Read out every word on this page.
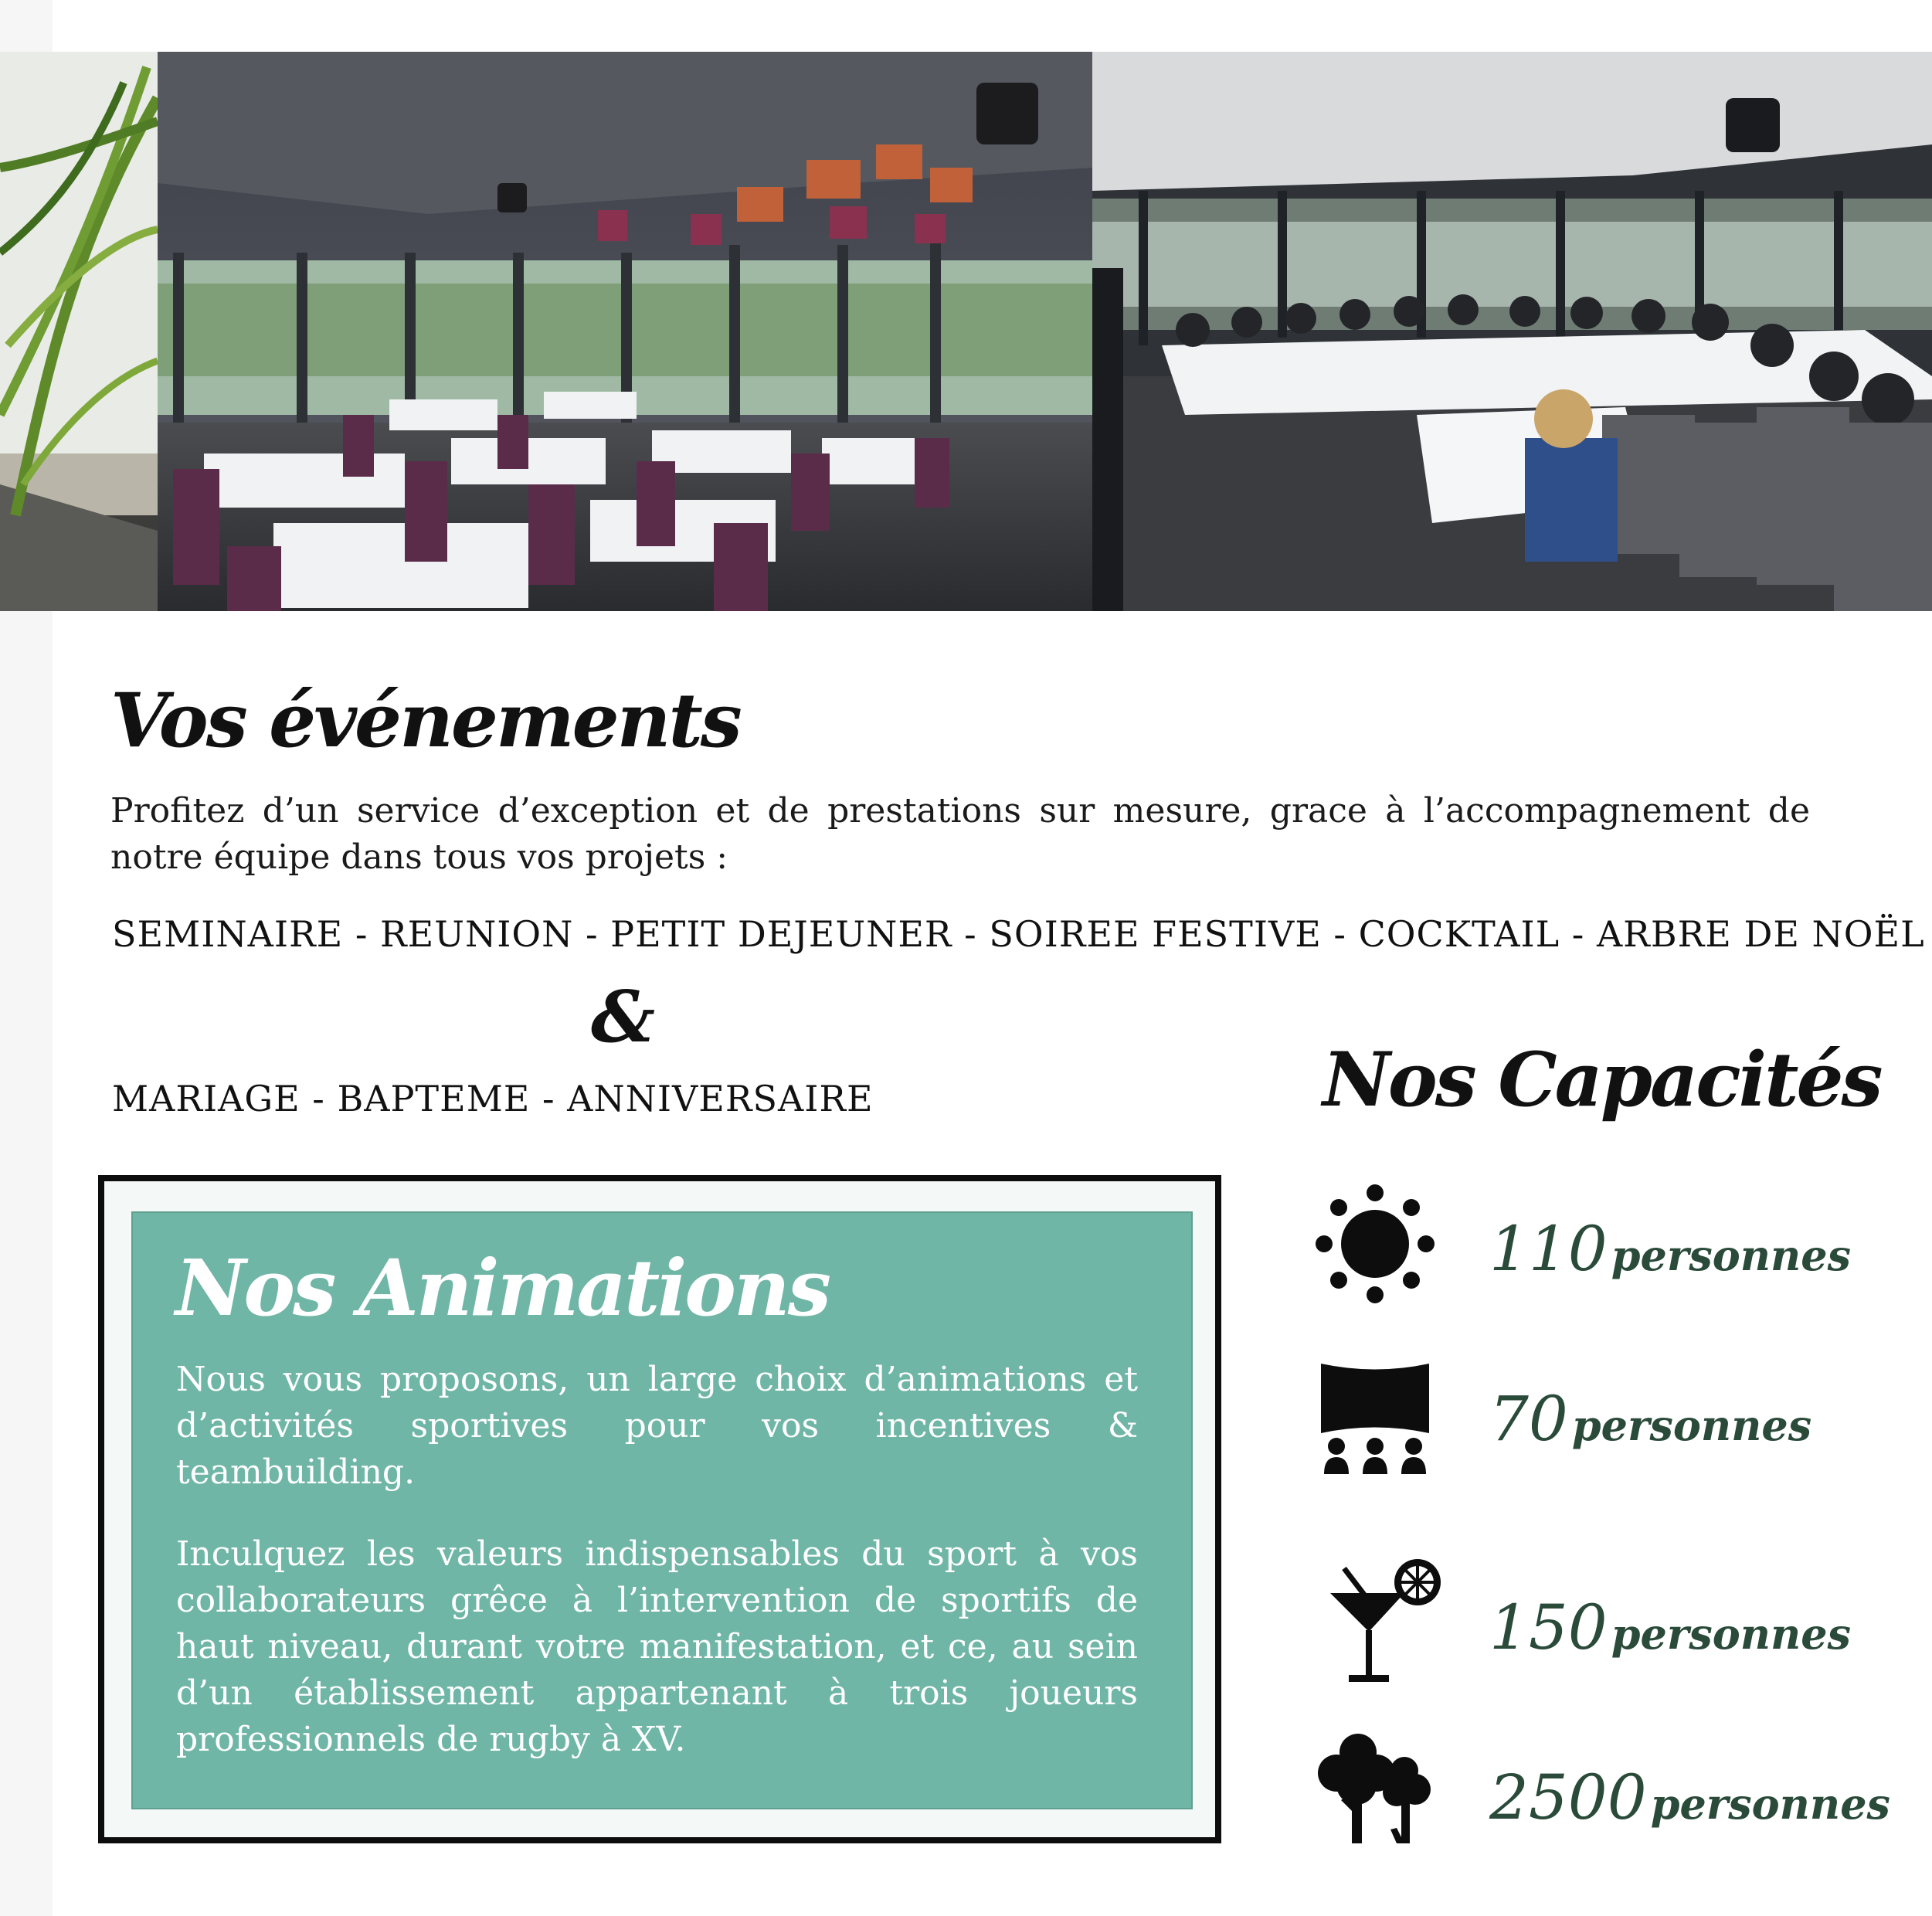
Vos événements

Profitez d’un service d’exception et de prestations sur mesure, grace à l’accompagnement de notre équipe dans tous vos projets :

SEMINAIRE - REUNION - PETIT DEJEUNER - SOIREE FESTIVE - COCKTAIL - ARBRE DE NOËL
&
MARIAGE - BAPTEME - ANNIVERSAIRE
Nos Animations

Nous vous proposons, un large choix d’animations et d’activités sportives pour vos incentives & teambuilding.

Inculquez les valeurs indispensables du sport à vos collaborateurs grêce à l’intervention de sportifs de haut niveau, durant votre manifestation, et ce, au sein d’un établissement appartenant à trois joueurs professionnels de rugby à XV.

Nos Capacités
110 personnes
70 personnes
150 personnes
2500 personnes
